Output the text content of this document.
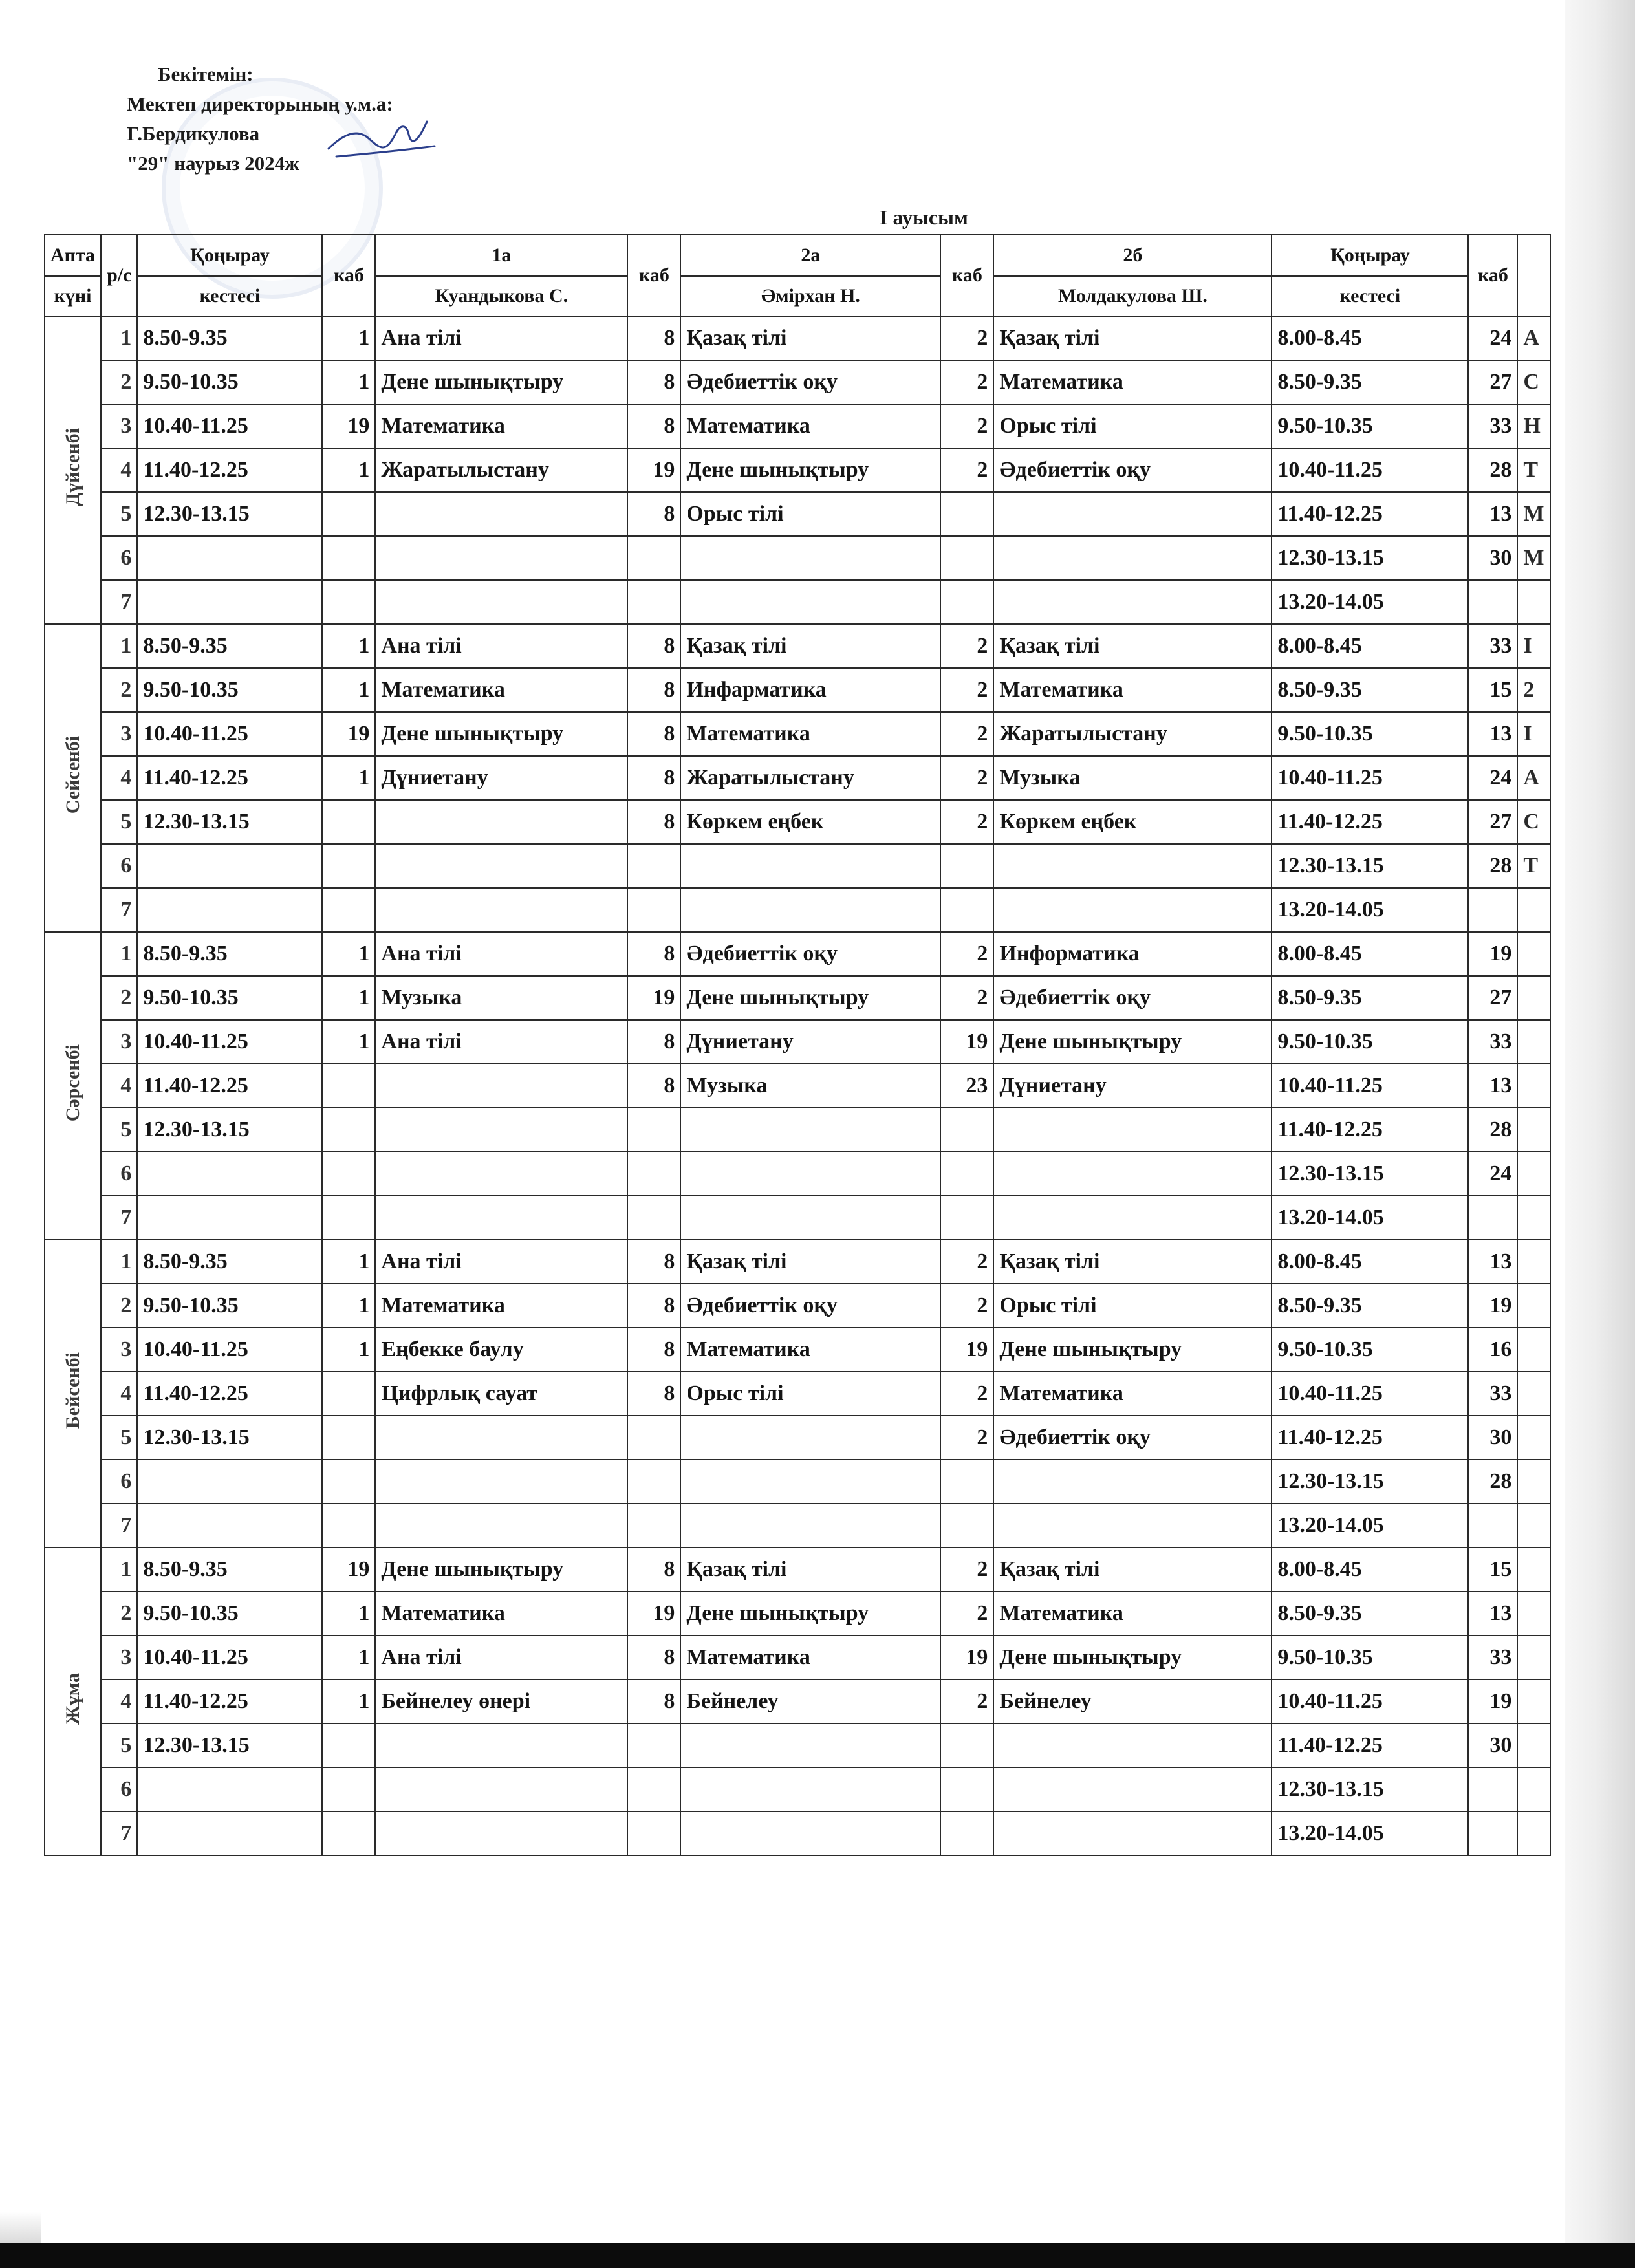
Бекітемін:
Мектеп директорының у.м.а:
Г.Бердикулова
"29" наурыз 2024ж
I ауысым
Апта	р/с	Қоңырау	каб	1а	каб	2а	каб	2б	Қоңырау	каб	
күні		кестесі		Куандыкова С.		Әмірхан Н.		Молдакулова Ш.	кестесі		
Дүйсенбі	1	8.50-9.35	1	Ана тілі	8	Қазақ тілі	2	Қазақ тілі	8.00-8.45	24	А
	2	9.50-10.35	1	Дене шынықтыру	8	Әдебиеттік оқу	2	Математика	8.50-9.35	27	С
	3	10.40-11.25	19	Математика	8	Математика	2	Орыс тілі	9.50-10.35	33	Н
	4	11.40-12.25	1	Жаратылыстану	19	Дене шынықтыру	2	Әдебиеттік оқу	10.40-11.25	28	Т
	5	12.30-13.15			8	Орыс тілі			11.40-12.25	13	М
	6								12.30-13.15	30	М
	7								13.20-14.05		
Сейсенбі	1	8.50-9.35	1	Ана тілі	8	Қазақ тілі	2	Қазақ тілі	8.00-8.45	33	I
	2	9.50-10.35	1	Математика	8	Инфарматика	2	Математика	8.50-9.35	15	2
	3	10.40-11.25	19	Дене шынықтыру	8	Математика	2	Жаратылыстану	9.50-10.35	13	I
	4	11.40-12.25	1	Дүниетану	8	Жаратылыстану	2	Музыка	10.40-11.25	24	А
	5	12.30-13.15			8	Көркем еңбек	2	Көркем еңбек	11.40-12.25	27	С
	6								12.30-13.15	28	Т
	7								13.20-14.05		
Сәрсенбі	1	8.50-9.35	1	Ана тілі	8	Әдебиеттік оқу	2	Информатика	8.00-8.45	19	
	2	9.50-10.35	1	Музыка	19	Дене шынықтыру	2	Әдебиеттік оқу	8.50-9.35	27	
	3	10.40-11.25	1	Ана тілі	8	Дүниетану	19	Дене шынықтыру	9.50-10.35	33	
	4	11.40-12.25			8	Музыка	23	Дүниетану	10.40-11.25	13	
	5	12.30-13.15							11.40-12.25	28	
	6								12.30-13.15	24	
	7								13.20-14.05		
Бейсенбі	1	8.50-9.35	1	Ана тілі	8	Қазақ тілі	2	Қазақ тілі	8.00-8.45	13	
	2	9.50-10.35	1	Математика	8	Әдебиеттік оқу	2	Орыс тілі	8.50-9.35	19	
	3	10.40-11.25	1	Еңбекке баулу	8	Математика	19	Дене шынықтыру	9.50-10.35	16	
	4	11.40-12.25		Цифрлық сауат	8	Орыс тілі	2	Математика	10.40-11.25	33	
	5	12.30-13.15					2	Әдебиеттік оқу	11.40-12.25	30	
	6								12.30-13.15	28	
	7								13.20-14.05		
Жұма	1	8.50-9.35	19	Дене шынықтыру	8	Қазақ тілі	2	Қазақ тілі	8.00-8.45	15	
	2	9.50-10.35	1	Математика	19	Дене шынықтыру	2	Математика	8.50-9.35	13	
	3	10.40-11.25	1	Ана тілі	8	Математика	19	Дене шынықтыру	9.50-10.35	33	
	4	11.40-12.25	1	Бейнелеу өнері	8	Бейнелеу	2	Бейнелеу	10.40-11.25	19	
	5	12.30-13.15							11.40-12.25	30	
	6								12.30-13.15		
	7								13.20-14.05		
